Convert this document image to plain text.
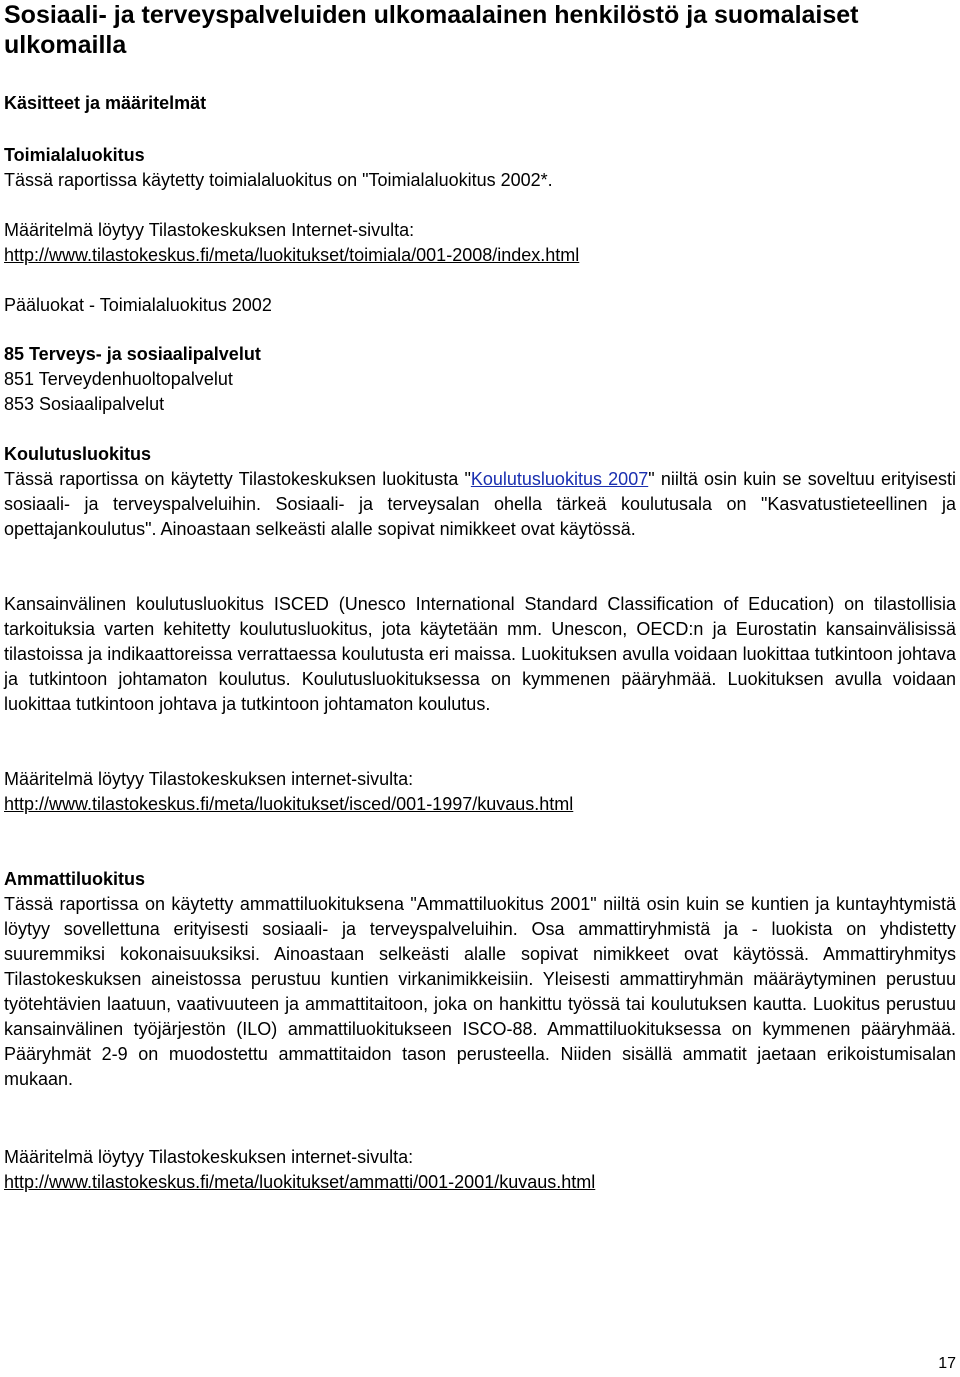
Sosiaali- ja terveyspalveluiden ulkomaalainen henkilöstö ja suomalaiset ulkomailla

Käsitteet ja määritelmät

Toimialaluokitus

Tässä raportissa käytetty toimialaluokitus on "Toimialaluokitus 2002*.

Määritelmä löytyy Tilastokeskuksen Internet-sivulta:

http://www.tilastokeskus.fi/meta/luokitukset/toimiala/001-2008/index.html

Pääluokat - Toimialaluokitus 2002

85 Terveys- ja sosiaalipalvelut

851 Terveydenhuoltopalvelut

853 Sosiaalipalvelut

Koulutusluokitus

Tässä raportissa on käytetty Tilastokeskuksen luokitusta "Koulutusluokitus 2007" niiltä osin kuin se soveltuu erityisesti sosiaali- ja terveyspalveluihin. Sosiaali- ja terveysalan ohella tärkeä koulutusala on "Kasvatustieteellinen ja opettajankoulutus". Ainoastaan selkeästi alalle sopivat nimikkeet ovat käytössä.

Kansainvälinen koulutusluokitus ISCED (Unesco International Standard Classification of Education) on tilastollisia tarkoituksia varten kehitetty koulutusluokitus, jota käytetään mm. Unescon, OECD:n ja Eurostatin kansainvälisissä tilastoissa ja indikaattoreissa verrattaessa koulutusta eri maissa. Luokituksen avulla voidaan luokittaa tutkintoon johtava ja tutkintoon johtamaton koulutus. Koulutusluokituksessa on kymmenen pääryhmää. Luokituksen avulla voidaan luokittaa tutkintoon johtava ja tutkintoon johtamaton koulutus.

Määritelmä löytyy Tilastokeskuksen internet-sivulta:

http://www.tilastokeskus.fi/meta/luokitukset/isced/001-1997/kuvaus.html

Ammattiluokitus

Tässä raportissa on käytetty ammattiluokituksena "Ammattiluokitus 2001" niiltä osin kuin se kuntien ja kuntayhtymistä löytyy sovellettuna erityisesti sosiaali- ja terveyspalveluihin. Osa ammattiryhmistä ja - luokista on yhdistetty suuremmiksi kokonaisuuksiksi. Ainoastaan selkeästi alalle sopivat nimikkeet ovat käytössä. Ammattiryhmitys Tilastokeskuksen aineistossa perustuu kuntien virkanimikkeisiin. Yleisesti ammattiryhmän määräytyminen perustuu työtehtävien laatuun, vaativuuteen ja ammattitaitoon, joka on hankittu työssä tai koulutuksen kautta. Luokitus perustuu kansainvälinen työjärjestön (ILO) ammattiluokitukseen ISCO-88. Ammattiluokituksessa on kymmenen pääryhmää. Pääryhmät 2-9 on muodostettu ammattitaidon tason perusteella. Niiden sisällä ammatit jaetaan erikoistumisalan mukaan.

Määritelmä löytyy Tilastokeskuksen internet-sivulta:

http://www.tilastokeskus.fi/meta/luokitukset/ammatti/001-2001/kuvaus.html

17
